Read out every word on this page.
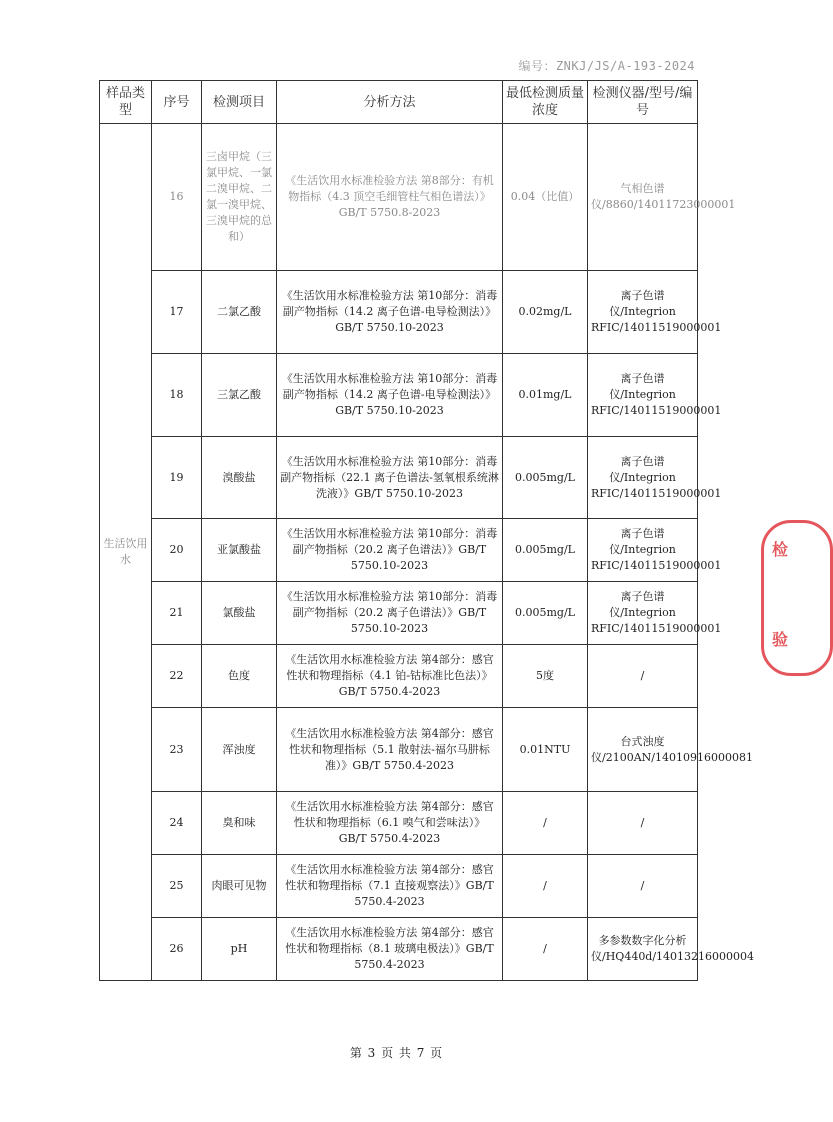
编号：ZNKJ/JS/A-193-2024
样品类型	序号	检测项目	分析方法	最低检测质量浓度	检测仪器/型号/编号
生活饮用水	16	三卤甲烷（三氯甲烷、一氯二溴甲烷、二氯一溴甲烷、三溴甲烷的总和）	《生活饮用水标准检验方法 第8部分：有机物指标（4.3 顶空毛细管柱气相色谱法）》GB/T 5750.8-2023	0.04（比值）	气相色谱仪/8860/14011723000001
	17	二氯乙酸	《生活饮用水标准检验方法 第10部分：消毒副产物指标（14.2 离子色谱-电导检测法）》GB/T 5750.10-2023	0.02mg/L	离子色谱仪/Integrion RFIC/14011519000001
	18	三氯乙酸	《生活饮用水标准检验方法 第10部分：消毒副产物指标（14.2 离子色谱-电导检测法）》GB/T 5750.10-2023	0.01mg/L	离子色谱仪/Integrion RFIC/14011519000001
	19	溴酸盐	《生活饮用水标准检验方法 第10部分：消毒副产物指标（22.1 离子色谱法-氢氧根系统淋洗液）》GB/T 5750.10-2023	0.005mg/L	离子色谱仪/Integrion RFIC/14011519000001
	20	亚氯酸盐	《生活饮用水标准检验方法 第10部分：消毒副产物指标（20.2 离子色谱法）》GB/T 5750.10-2023	0.005mg/L	离子色谱仪/Integrion RFIC/14011519000001
	21	氯酸盐	《生活饮用水标准检验方法 第10部分：消毒副产物指标（20.2 离子色谱法）》GB/T 5750.10-2023	0.005mg/L	离子色谱仪/Integrion RFIC/14011519000001
	22	色度	《生活饮用水标准检验方法 第4部分：感官性状和物理指标（4.1 铂-钴标准比色法）》GB/T 5750.4-2023	5度	/
	23	浑浊度	《生活饮用水标准检验方法 第4部分：感官性状和物理指标（5.1 散射法-福尔马肼标准）》GB/T 5750.4-2023	0.01NTU	台式浊度仪/2100AN/14010916000081
	24	臭和味	《生活饮用水标准检验方法 第4部分：感官性状和物理指标（6.1 嗅气和尝味法）》GB/T 5750.4-2023	/	/
	25	肉眼可见物	《生活饮用水标准检验方法 第4部分：感官性状和物理指标（7.1 直接观察法）》GB/T 5750.4-2023	/	/
	26	pH	《生活饮用水标准检验方法 第4部分：感官性状和物理指标（8.1 玻璃电极法）》GB/T 5750.4-2023	/	多参数数字化分析仪/HQ440d/14013216000004
检
验
第 3 页 共 7 页
